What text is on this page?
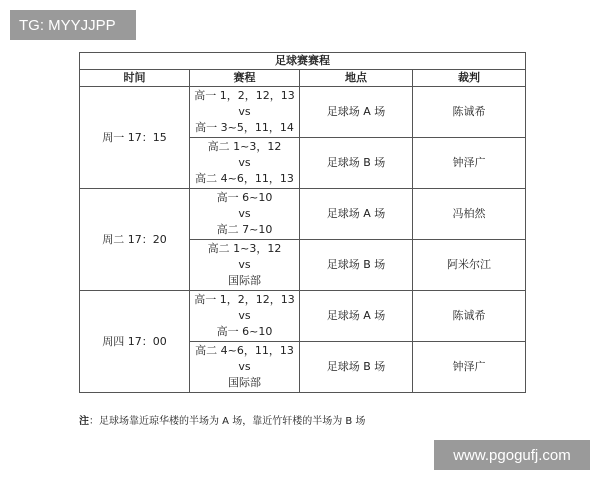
TG: MYYJJPP
足球赛赛程			
时间	赛程	地点	裁判
周一 17：15	高一 1，2，12，13
vs
高一 3~5，11，14	足球场 A 场	陈诚希

	高二 1~3，12
vs
高二 4~6，11，13	足球场 B 场	钟泽广
周二 17：20	高一 6~10
vs
高二 7~10	足球场 A 场	冯柏然

	高二 1~3，12
vs
国际部	足球场 B 场	阿米尔江
周四 17：00	高一 1，2，12，13
vs
高一 6~10	足球场 A 场	陈诚希

	高二 4~6，11，13
vs
国际部	足球场 B 场	钟泽广
注：足球场靠近琼华楼的半场为 A 场，靠近竹轩楼的半场为 B 场
www.pgogufj.com
